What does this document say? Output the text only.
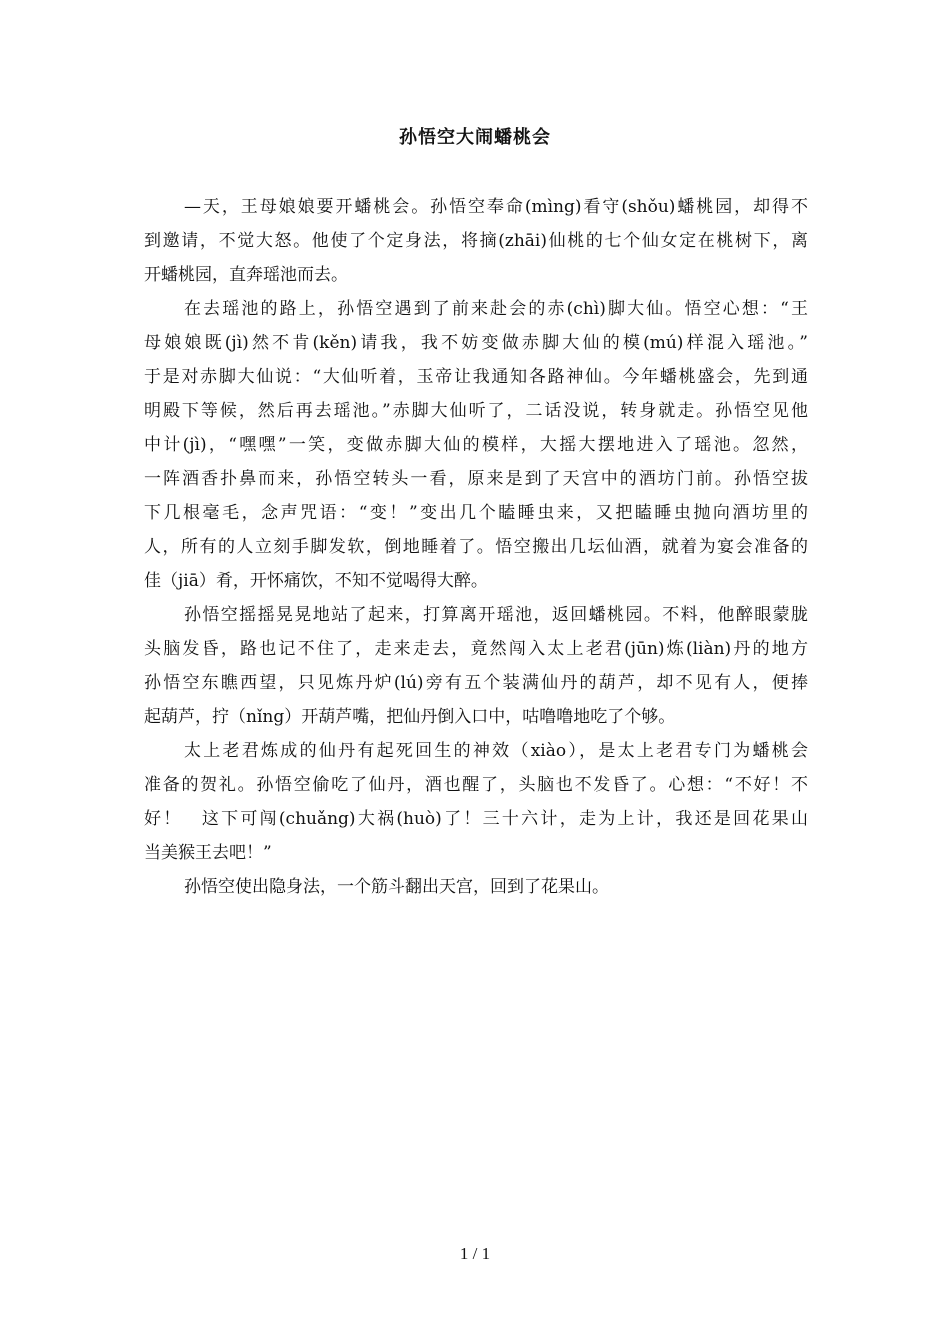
孙悟空大闹蟠桃会
—天，王母娘娘要开蟠桃会。孙悟空奉命(mìng)看守(shǒu)蟠桃园，却得不
到邀请，不觉大怒。他使了个定身法，将摘(zhāi)仙桃的七个仙女定在桃树下，离
开蟠桃园，直奔瑶池而去。
在去瑶池的路上，孙悟空遇到了前来赴会的赤(chì)脚大仙。悟空心想：“王
母娘娘既(jì)然不肯(kěn)请我，我不妨变做赤脚大仙的模(mú)样混入瑶池。”
于是对赤脚大仙说：“大仙听着，玉帝让我通知各路神仙。今年蟠桃盛会，先到通
明殿下等候，然后再去瑶池。”赤脚大仙听了，二话没说，转身就走。孙悟空见他
中计(jì)，“嘿嘿”一笑，变做赤脚大仙的模样，大摇大摆地进入了瑶池。忽然，
一阵酒香扑鼻而来，孙悟空转头一看，原来是到了天宫中的酒坊门前。孙悟空拔
下几根毫毛，念声咒语：“变！”变出几个瞌睡虫来，又把瞌睡虫抛向酒坊里的
人，所有的人立刻手脚发软，倒地睡着了。悟空搬出几坛仙酒，就着为宴会准备的
佳（jiā）肴，开怀痛饮，不知不觉喝得大醉。
孙悟空摇摇晃晃地站了起来，打算离开瑶池，返回蟠桃园。不料，他醉眼蒙胧
头脑发昏，路也记不住了，走来走去，竟然闯入太上老君(jūn)炼(liàn)丹的地方
孙悟空东瞧西望，只见炼丹炉(lú)旁有五个装满仙丹的葫芦，却不见有人，便捧
起葫芦，拧（nǐng）开葫芦嘴，把仙丹倒入口中，咕噜噜地吃了个够。
太上老君炼成的仙丹有起死回生的神效（xiào），是太上老君专门为蟠桃会
准备的贺礼。孙悟空偷吃了仙丹，酒也醒了，头脑也不发昏了。心想：“不好！不
好！　这下可闯(chuǎng)大祸(huò)了！三十六计，走为上计，我还是回花果山
当美猴王去吧！”
孙悟空使出隐身法，一个筋斗翻出天宫，回到了花果山。
1 / 1
